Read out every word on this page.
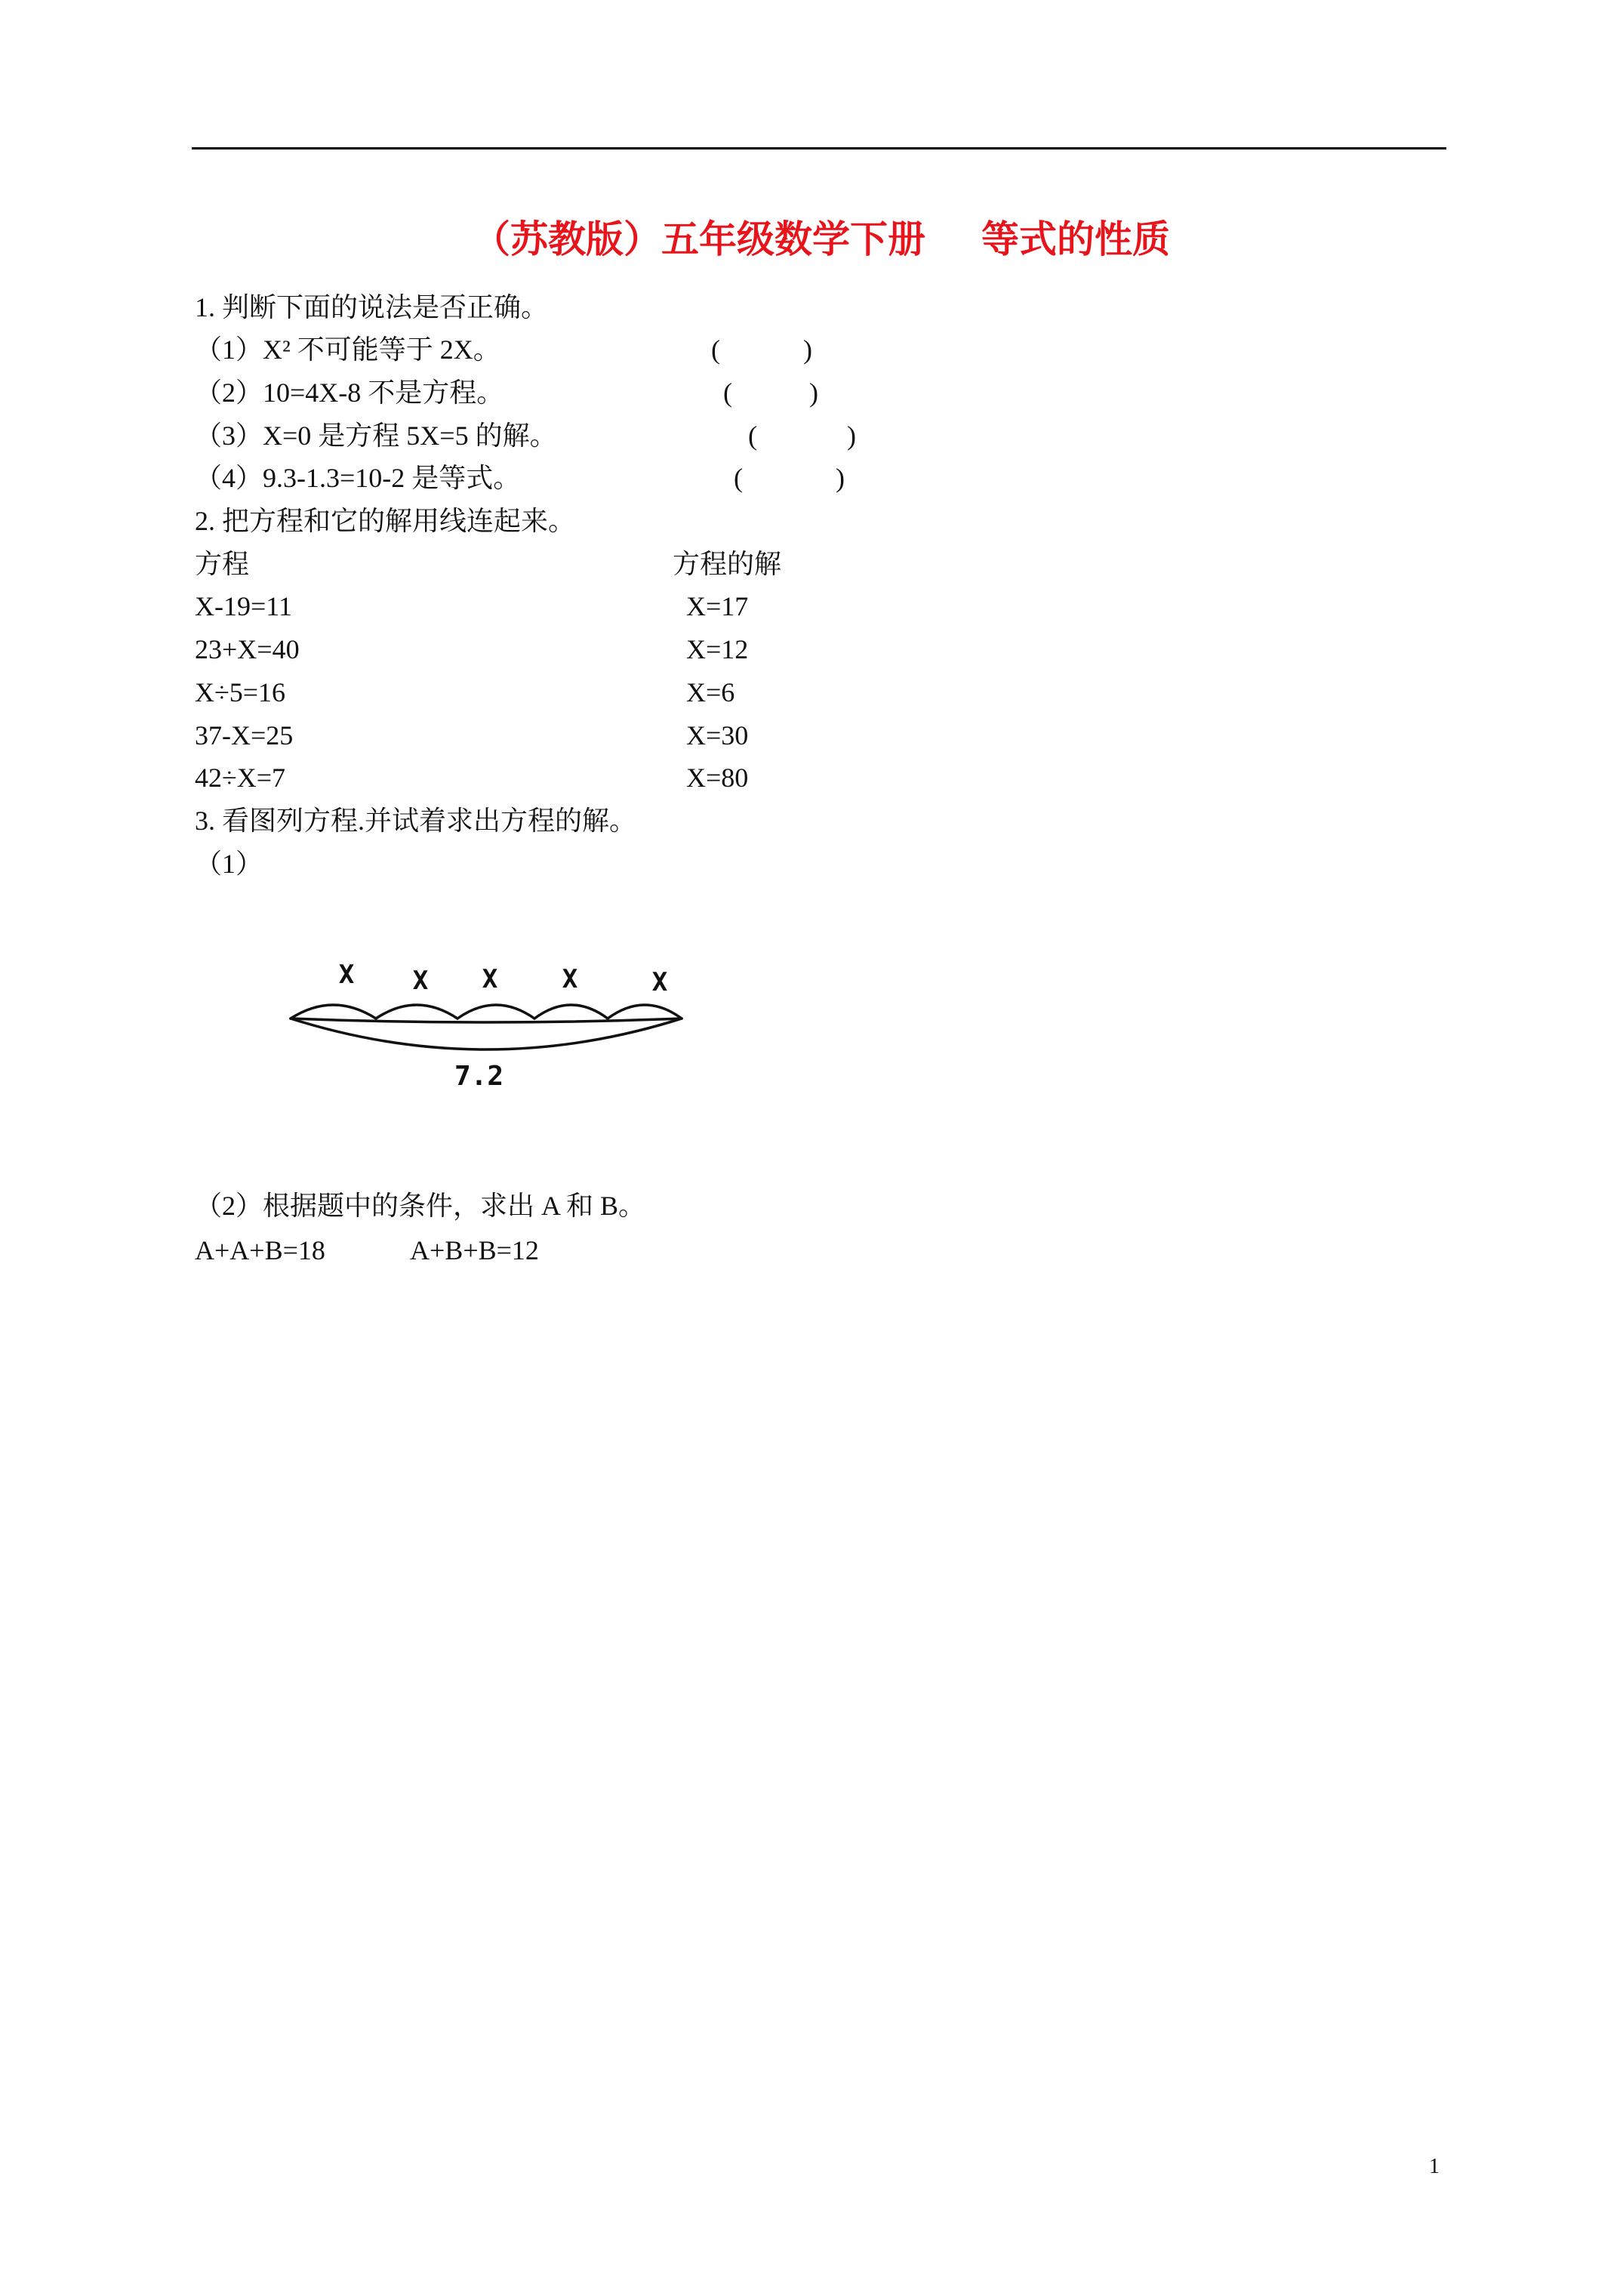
（苏教版）五年级数学下册 等式的性质
1. 判断下面的说法是否正确。
（1）X² 不可能等于 2X。	(	)
（2）10=4X-8 不是方程。	(	)
（3）X=0 是方程 5X=5 的解。	(	)
（4）9.3-1.3=10-2 是等式。	(	)
2. 把方程和它的解用线连起来。
方程	方程的解
X-19=11	X=17
23+X=40	X=12
X÷5=16	X=6
37-X=25	X=30
42÷X=7	X=80
3. 看图列方程.并试着求出方程的解。
（1）
X X X	X	X
7.2
（2）根据题中的条件，求出 A 和 B。
A+A+B=18	A+B+B=12
1
